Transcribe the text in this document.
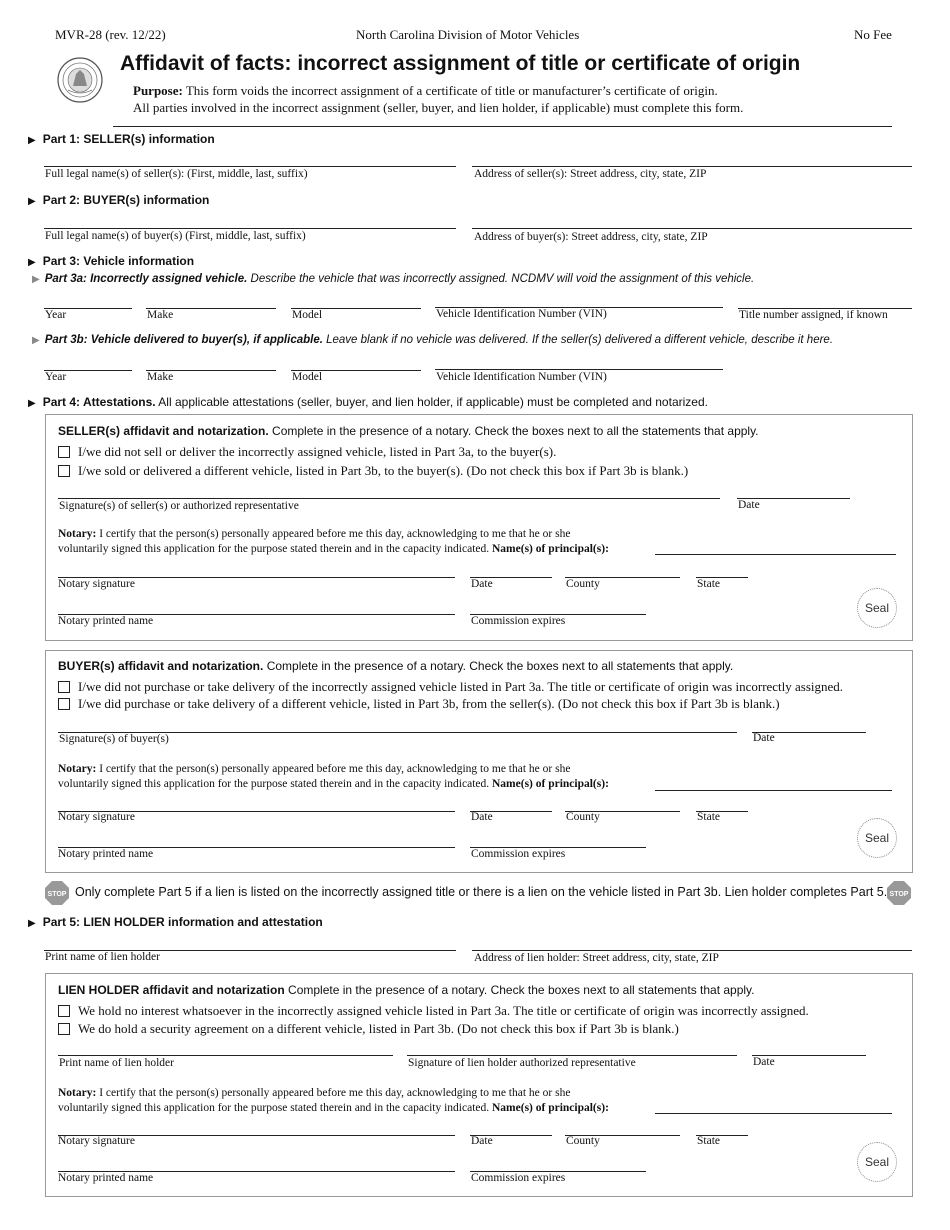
MVR-28 (rev. 12/22)	North Carolina Division of Motor Vehicles	No Fee
Affidavit of facts: incorrect assignment of title or certificate of origin
Purpose: This form voids the incorrect assignment of a certificate of title or manufacturer’s certificate of origin.
All parties involved in the incorrect assignment (seller, buyer, and lien holder, if applicable) must complete this form.
▶ Part 1: SELLER(s) information
Full legal name(s) of seller(s): (First, middle, last, suffix)	Address of seller(s): Street address, city, state, ZIP
▶ Part 2: BUYER(s) information
Full legal name(s) of buyer(s) (First, middle, last, suffix)	Address of buyer(s): Street address, city, state, ZIP
▶ Part 3: Vehicle information
▶ Part 3a: Incorrectly assigned vehicle. Describe the vehicle that was incorrectly assigned. NCDMV will void the assignment of this vehicle.
Year	Make	Model	Vehicle Identification Number (VIN)	Title number assigned, if known
▶ Part 3b: Vehicle delivered to buyer(s), if applicable. Leave blank if no vehicle was delivered. If the seller(s) delivered a different vehicle, describe it here.
Year	Make	Model	Vehicle Identification Number (VIN)
▶ Part 4: Attestations. All applicable attestations (seller, buyer, and lien holder, if applicable) must be completed and notarized.
SELLER(s) affidavit and notarization. Complete in the presence of a notary. Check the boxes next to all the statements that apply.
I/we did not sell or deliver the incorrectly assigned vehicle, listed in Part 3a, to the buyer(s).
I/we sold or delivered a different vehicle, listed in Part 3b, to the buyer(s). (Do not check this box if Part 3b is blank.)
Signature(s) of seller(s) or authorized representative	Date
Notary: I certify that the person(s) personally appeared before me this day, acknowledging to me that he or she
voluntarily signed this application for the purpose stated therein and in the capacity indicated. Name(s) of principal(s):
Notary signature	Date	County	State
Notary printed name	Commission expires
Seal
BUYER(s) affidavit and notarization. Complete in the presence of a notary. Check the boxes next to all statements that apply.
I/we did not purchase or take delivery of the incorrectly assigned vehicle listed in Part 3a. The title or certificate of origin was incorrectly assigned.
I/we did purchase or take delivery of a different vehicle, listed in Part 3b, from the seller(s). (Do not check this box if Part 3b is blank.)
Signature(s) of buyer(s)	Date
Notary: I certify that the person(s) personally appeared before me this day, acknowledging to me that he or she
voluntarily signed this application for the purpose stated therein and in the capacity indicated. Name(s) of principal(s):
Notary signature	Date	County	State
Notary printed name	Commission expires
Seal
STOP Only complete Part 5 if a lien is listed on the incorrectly assigned title or there is a lien on the vehicle listed in Part 3b. Lien holder completes Part 5. STOP
▶ Part 5: LIEN HOLDER information and attestation
Print name of lien holder	Address of lien holder: Street address, city, state, ZIP
LIEN HOLDER affidavit and notarization Complete in the presence of a notary. Check the boxes next to all statements that apply.
We hold no interest whatsoever in the incorrectly assigned vehicle listed in Part 3a. The title or certificate of origin was incorrectly assigned.
We do hold a security agreement on a different vehicle, listed in Part 3b. (Do not check this box if Part 3b is blank.)
Print name of lien holder	Signature of lien holder authorized representative	Date
Notary: I certify that the person(s) personally appeared before me this day, acknowledging to me that he or she
voluntarily signed this application for the purpose stated therein and in the capacity indicated. Name(s) of principal(s):
Notary signature	Date	County	State
Notary printed name	Commission expires
Seal
